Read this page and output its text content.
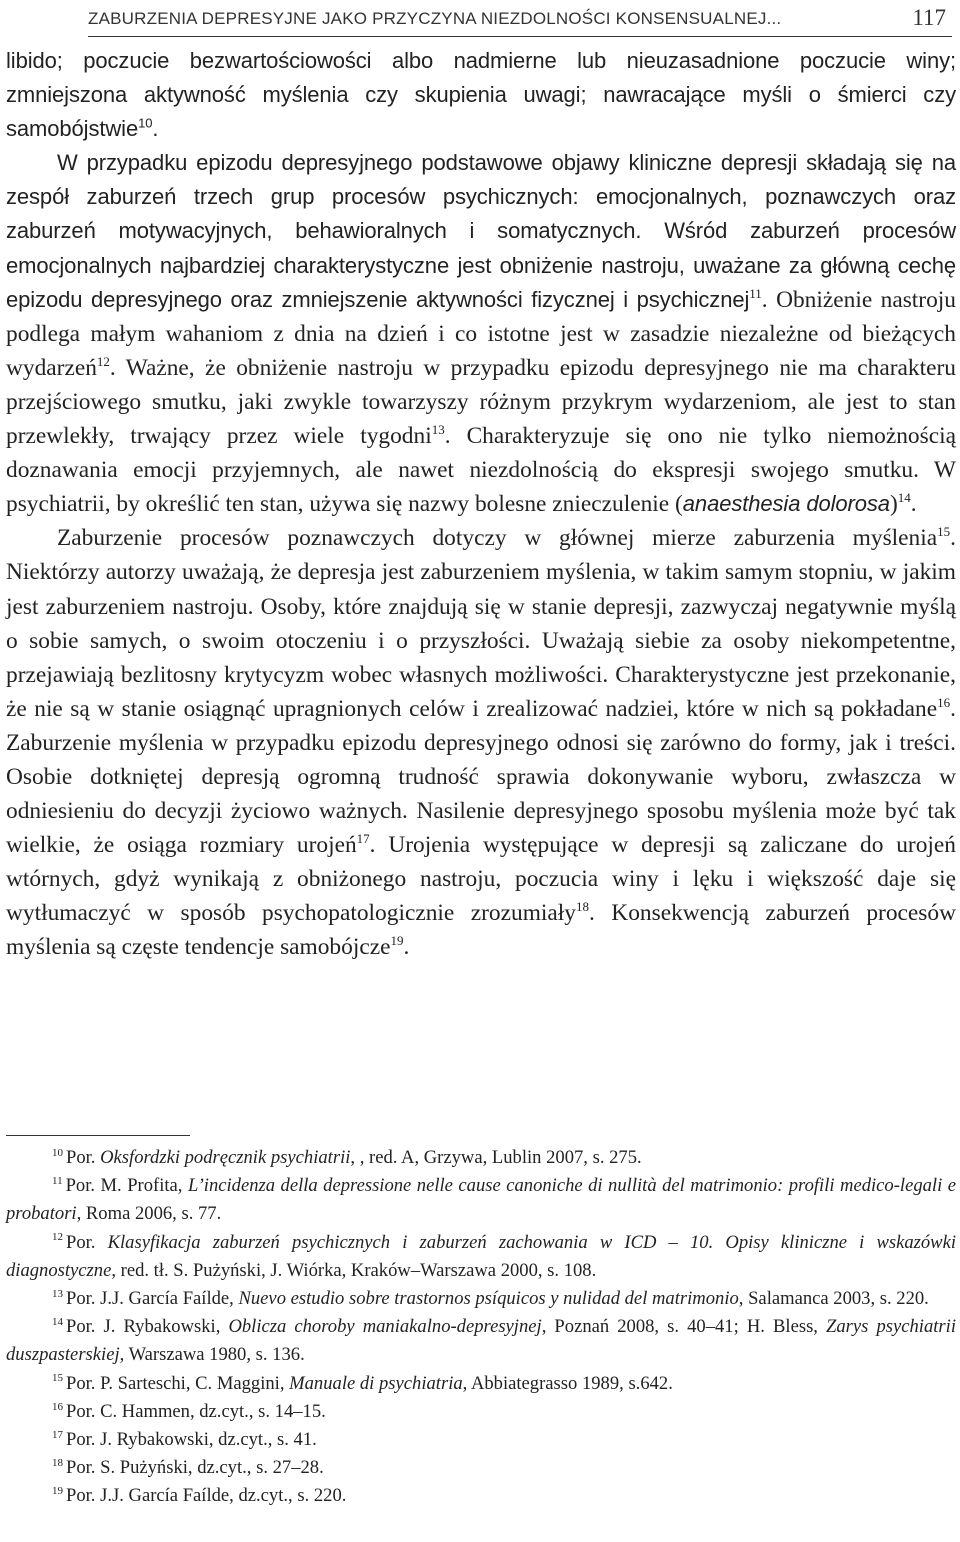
ZABURZENIA DEPRESYJNE JAKO PRZYCZYNA NIEZDOLNOŚCI KONSENSUALNEJ...	117

libido; poczucie bezwartościowości albo nadmierne lub nieuzasadnione poczucie winy; zmniejszona aktywność myślenia czy skupienia uwagi; nawracające myśli o śmierci czy samobójstwie$^{10}$.

W przypadku epizodu depresyjnego podstawowe objawy kliniczne depresji składają się na zespół zaburzeń trzech grup procesów psychicznych: emocjonalnych, poznawczych oraz zaburzeń motywacyjnych, behawioralnych i somatycznych. Wśród zaburzeń procesów emocjonalnych najbardziej charakterystyczne jest obniżenie nastroju, uważane za główną cechę epizodu depresyjnego oraz zmniejszenie aktywności fizycznej i psychicznej$^{11}$. Obniżenie nastroju podlega małym wahaniom z dnia na dzień i co istotne jest w zasadzie niezależne od bieżących wydarzeń$^{12}$. Ważne, że obniżenie nastroju w przypadku epizodu depresyjnego nie ma charakteru przejściowego smutku, jaki zwykle towarzyszy różnym przykrym wydarzeniom, ale jest to stan przewlekły, trwający przez wiele tygodni$^{13}$. Charakteryzuje się ono nie tylko niemożnością doznawania emocji przyjemnych, ale nawet niezdolnością do ekspresji swojego smutku. W psychiatrii, by określić ten stan, używa się nazwy bolesne znieczulenie (anaesthesia dolorosa)$^{14}$.

Zaburzenie procesów poznawczych dotyczy w głównej mierze zaburzenia myślenia$^{15}$. Niektórzy autorzy uważają, że depresja jest zaburzeniem myślenia, w takim samym stopniu, w jakim jest zaburzeniem nastroju. Osoby, które znajdują się w stanie depresji, zazwyczaj negatywnie myślą o sobie samych, o swoim otoczeniu i o przyszłości. Uważają siebie za osoby niekompetentne, przejawiają bezlitosny krytycyzm wobec własnych możliwości. Charakterystyczne jest przekonanie, że nie są w stanie osiągnąć upragnionych celów i zrealizować nadziei, które w nich są pokładane$^{16}$. Zaburzenie myślenia w przypadku epizodu depresyjnego odnosi się zarówno do formy, jak i treści. Osobie dotkniętej depresją ogromną trudność sprawia dokonywanie wyboru, zwłaszcza w odniesieniu do decyzji życiowo ważnych. Nasilenie depresyjnego sposobu myślenia może być tak wielkie, że osiąga rozmiary urojeń$^{17}$. Urojenia występujące w depresji są zaliczane do urojeń wtórnych, gdyż wynikają z obniżonego nastroju, poczucia winy i lęku i większość daje się wytłumaczyć w sposób psychopatologicznie zrozumiały$^{18}$. Konsekwencją zaburzeń procesów myślenia są częste tendencje samobójcze$^{19}$.

$^{10}$ Por. Oksfordzki podręcznik psychiatrii, , red. A, Grzywa, Lublin 2007, s. 275.

$^{11}$ Por. M. Profita, L’incidenza della depressione nelle cause canoniche di nullità del matrimonio: profili medico-legali e probatori, Roma 2006, s. 77.

$^{12}$ Por. Klasyfikacja zaburzeń psychicznych i zaburzeń zachowania w ICD – 10. Opisy kliniczne i wskazówki diagnostyczne, red. tł. S. Pużyński, J. Wiórka, Kraków–Warszawa 2000, s. 108.

$^{13}$ Por. J.J. García Faílde, Nuevo estudio sobre trastornos psíquicos y nulidad del matrimonio, Salamanca 2003, s. 220.

$^{14}$ Por. J. Rybakowski, Oblicza choroby maniakalno-depresyjnej, Poznań 2008, s. 40–41; H. Bless, Zarys psychiatrii duszpasterskiej, Warszawa 1980, s. 136.

$^{15}$ Por. P. Sarteschi, C. Maggini, Manuale di psychiatria, Abbiategrasso 1989, s.642.

$^{16}$ Por. C. Hammen, dz.cyt., s. 14–15.

$^{17}$ Por. J. Rybakowski, dz.cyt., s. 41.

$^{18}$ Por. S. Pużyński, dz.cyt., s. 27–28.

$^{19}$ Por. J.J. García Faílde, dz.cyt., s. 220.
